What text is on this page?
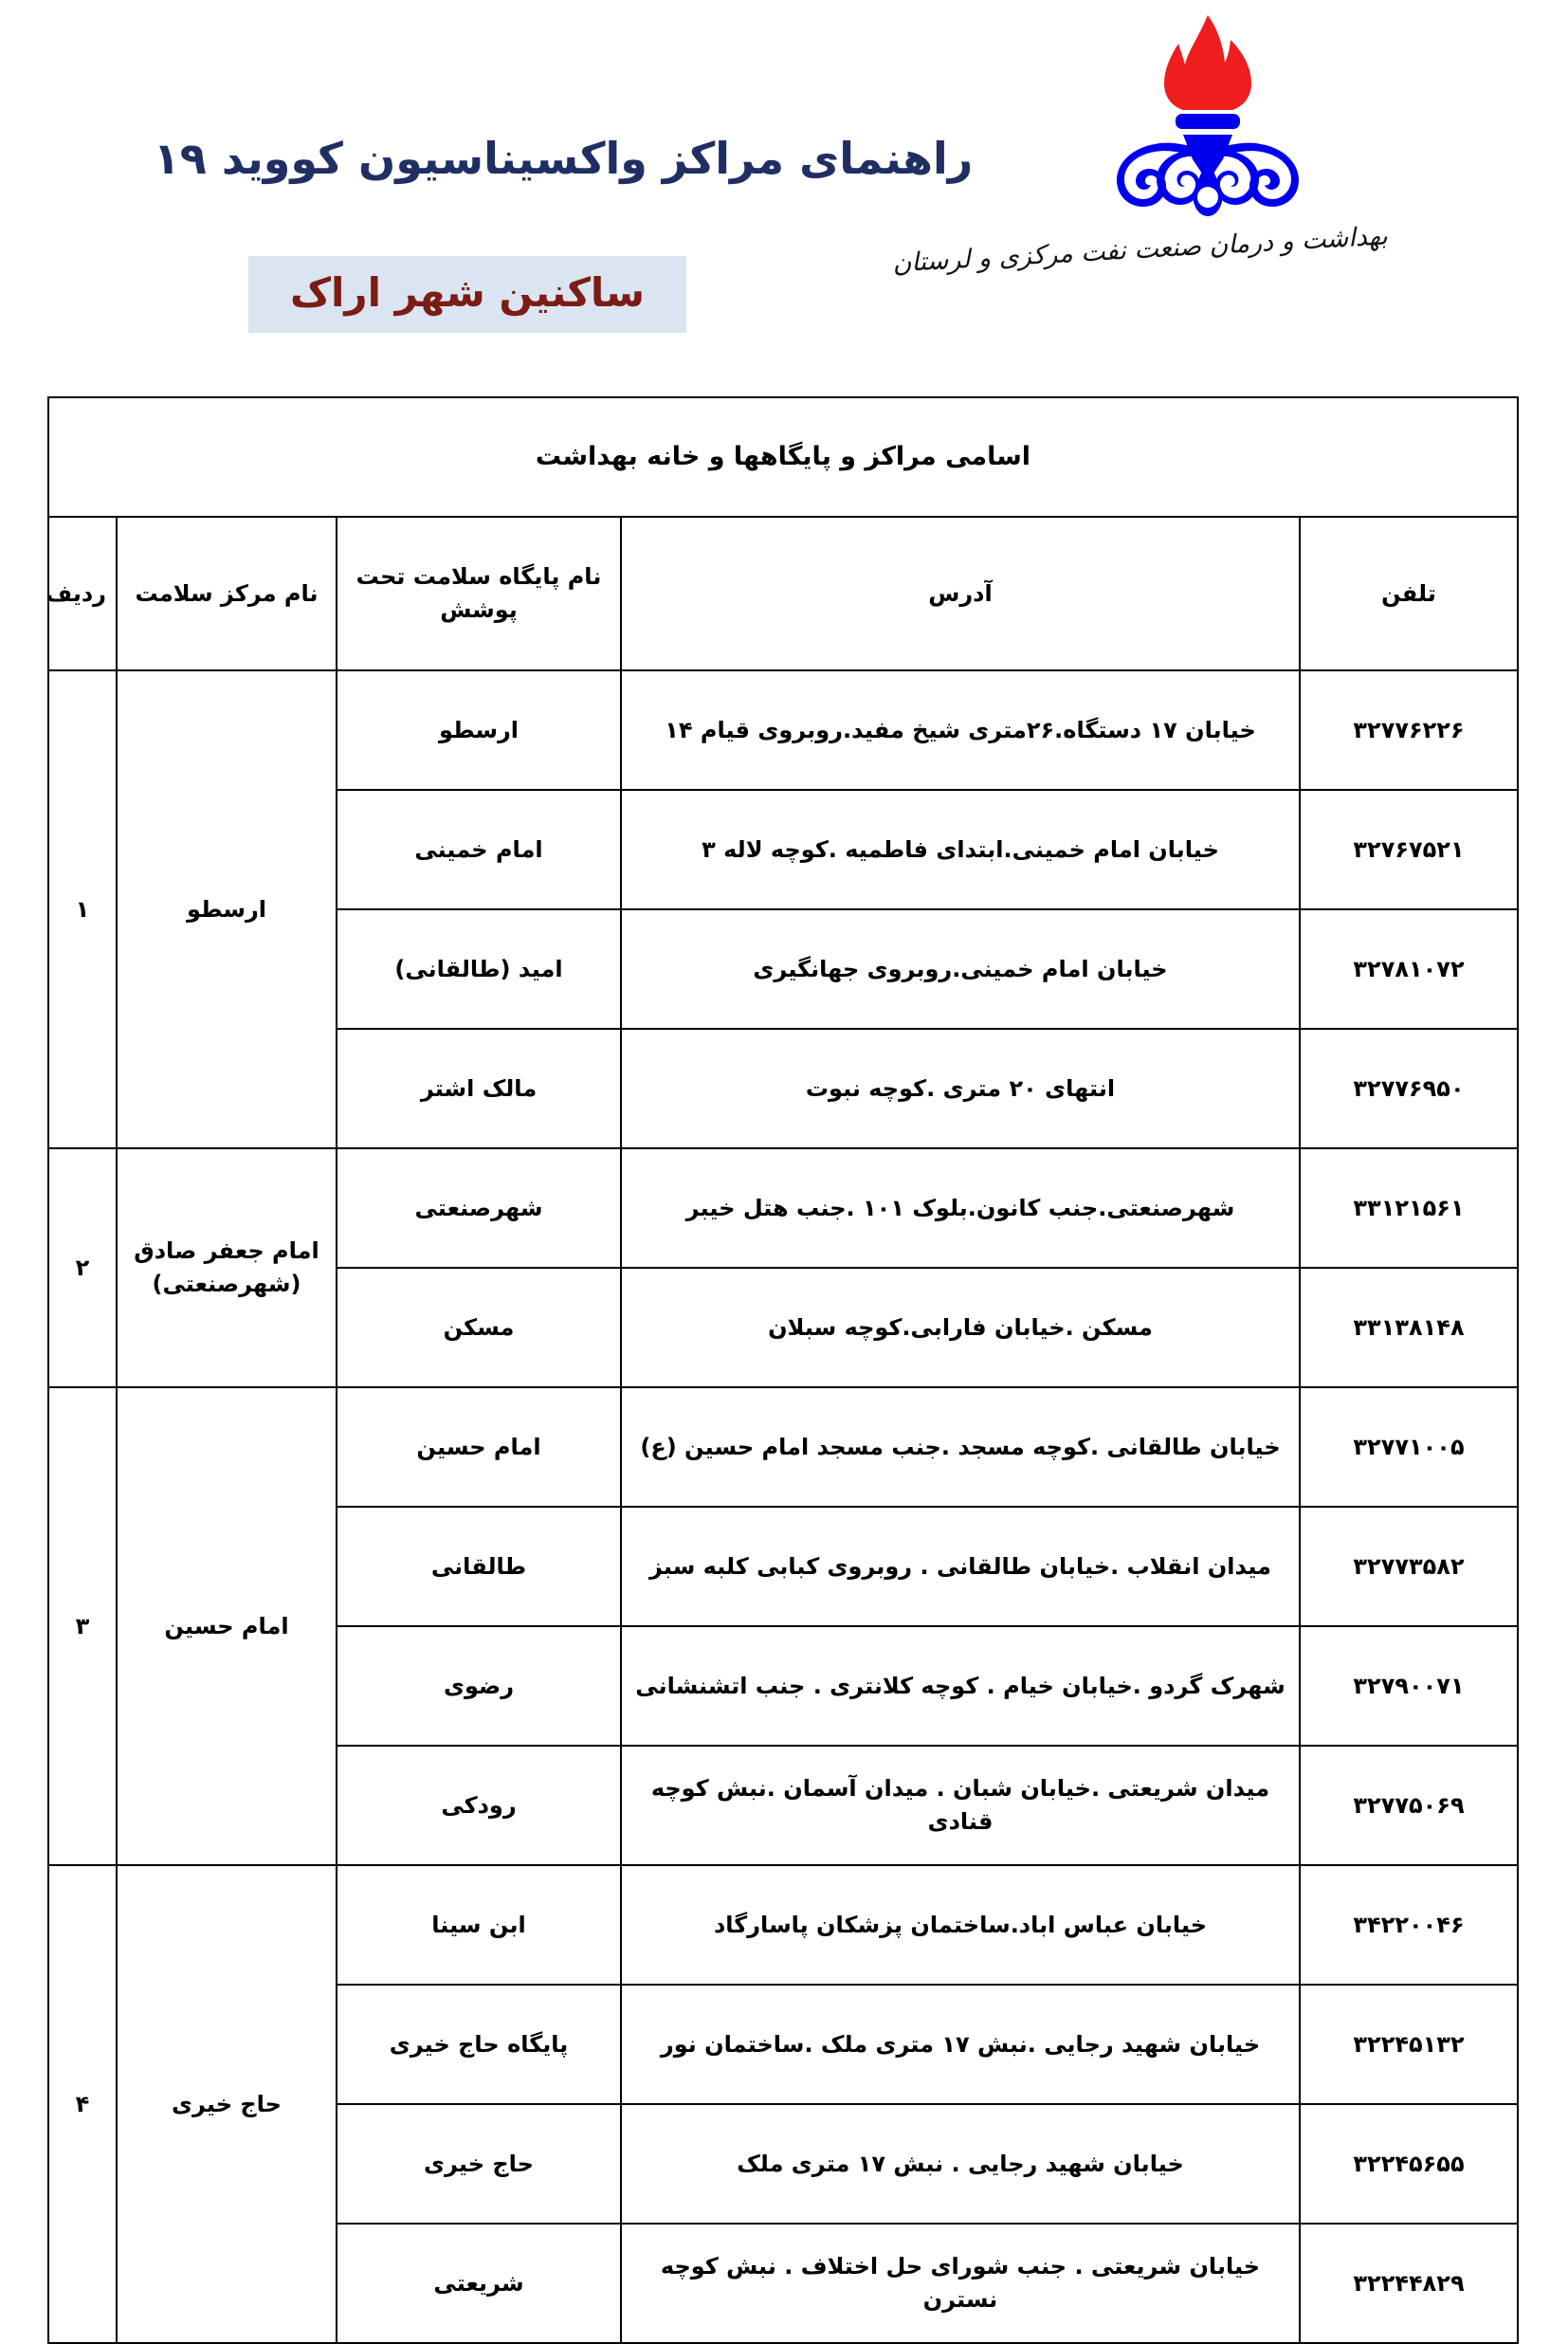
بهداشت و درمان صنعت نفت مرکزی و لرستان
راهنمای مراکز واکسیناسیون کووید ۱۹
ساکنین شهر اراک
اسامی مراکز و پایگاهها و خانه بهداشت				
تلفن	آدرس	نام پایگاه سلامت تحت پوشش	نام مرکز سلامت	ردیف
۳۲۷۷۶۲۲۶	خیابان ۱۷ دستگاه.۲۶متری شیخ مفید.روبروی قیام ۱۴	ارسطو	ارسطو	۱
۳۲۷۶۷۵۲۱	خیابان امام خمینی.ابتدای فاطمیه .کوچه لاله ۳	امام خمینی		
۳۲۷۸۱۰۷۲	خیابان امام خمینی.روبروی جهانگیری	امید (طالقانی)		
۳۲۷۷۶۹۵۰	انتهای ۲۰ متری .کوچه نبوت	مالک اشتر		
۳۳۱۲۱۵۶۱	شهرصنعتی.جنب کانون.بلوک ۱۰۱ .جنب هتل خیبر	شهرصنعتی	امام جعفر صادق (شهرصنعتی)	۲
۳۳۱۳۸۱۴۸	مسکن .خیابان فارابی.کوچه سبلان	مسکن		
۳۲۷۷۱۰۰۵	خیابان طالقانی .کوچه مسجد .جنب مسجد امام حسین (ع)	امام حسین	امام حسین	۳
۳۲۷۷۳۵۸۲	میدان انقلاب .خیابان طالقانی . روبروی کبابی کلبه سبز	طالقانی		
۳۲۷۹۰۰۷۱	شهرک گردو .خیابان خیام . کوچه کلانتری . جنب اتشنشانی	رضوی		
۳۲۷۷۵۰۶۹	میدان شریعتی .خیابان شبان . میدان آسمان .نبش کوچه قنادی	رودکی		
۳۴۲۲۰۰۴۶	خیابان عباس اباد.ساختمان پزشکان پاسارگاد	ابن سینا	حاج خیری	۴
۳۲۲۴۵۱۳۲	خیابان شهید رجایی .نبش ۱۷ متری ملک .ساختمان نور	پایگاه حاج خیری		
۳۲۲۴۵۶۵۵	خیابان شهید رجایی . نبش ۱۷ متری ملک	حاج خیری		
۳۲۲۴۴۸۲۹	خیابان شریعتی . جنب شورای حل اختلاف . نبش کوچه نسترن	شریعتی		
